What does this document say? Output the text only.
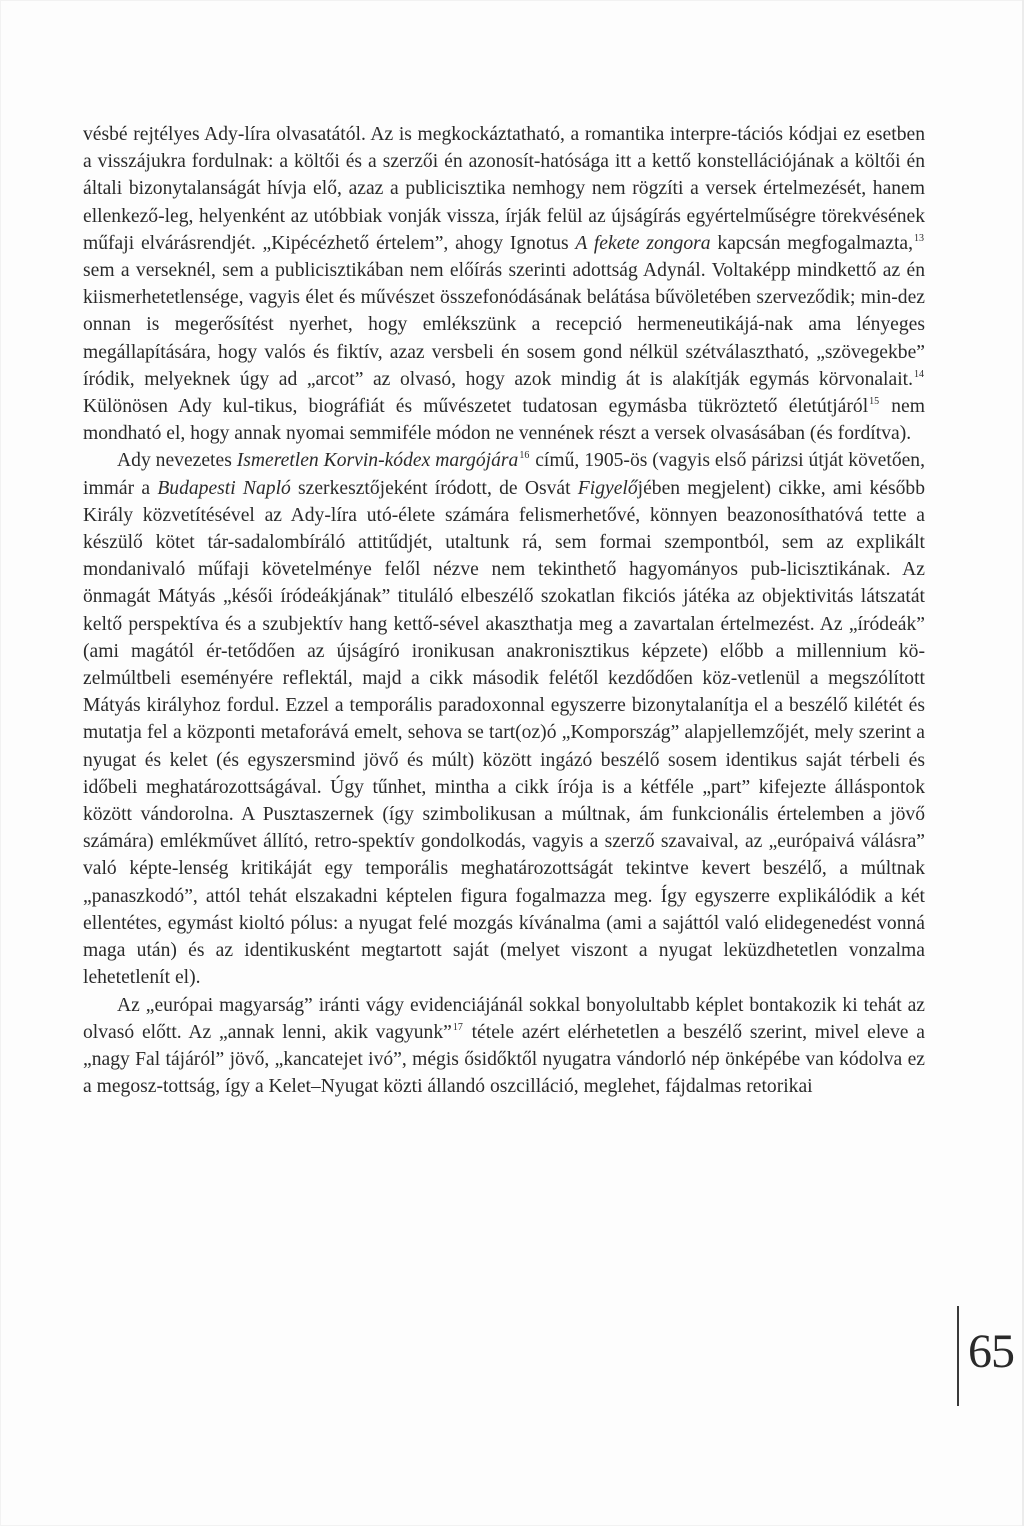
vésbé rejtélyes Ady-líra olvasatától. Az is megkockáztatható, a romantika interpre-tációs kódjai ez esetben a visszájukra fordulnak: a költői és a szerzői én azonosít-hatósága itt a kettő konstellációjának a költői én általi bizonytalanságát hívja elő, azaz a publicisztika nemhogy nem rögzíti a versek értelmezését, hanem ellenkező-leg, helyenként az utóbbiak vonják vissza, írják felül az újságírás egyértelműségre törekvésének műfaji elvárásrendjét. „Kipécézhető értelem”, ahogy Ignotus A fekete zongora kapcsán megfogalmazta,$^{13}$ sem a verseknél, sem a publicisztikában nem előírás szerinti adottság Adynál. Voltaképp mindkettő az én kiismerhetetlensége, vagyis élet és művészet összefonódásának belátása bűvöletében szerveződik; min-dez onnan is megerősítést nyerhet, hogy emlékszünk a recepció hermeneutikájá-nak ama lényeges megállapítására, hogy valós és fiktív, azaz versbeli én sosem gond nélkül szétválasztható, „szövegekbe” íródik, melyeknek úgy ad „arcot” az olvasó, hogy azok mindig át is alakítják egymás körvonalait.$^{14}$ Különösen Ady kul-tikus, biográfiát és művészetet tudatosan egymásba tükröztető életútjáról$^{15}$ nem mondható el, hogy annak nyomai semmiféle módon ne vennének részt a versek olvasásában (és fordítva).

Ady nevezetes Ismeretlen Korvin-kódex margójára$^{16}$ című, 1905-ös (vagyis első párizsi útját követően, immár a Budapesti Napló szerkesztőjeként íródott, de Osvát Figyelőjében megjelent) cikke, ami később Király közvetítésével az Ady-líra utó-élete számára felismerhetővé, könnyen beazonosíthatóvá tette a készülő kötet tár-sadalombíráló attitűdjét, utaltunk rá, sem formai szempontból, sem az explikált mondanivaló műfaji követelménye felől nézve nem tekinthető hagyományos pub-licisztikának. Az önmagát Mátyás „késői íródeákjának” tituláló elbeszélő szokatlan fikciós játéka az objektivitás látszatát keltő perspektíva és a szubjektív hang kettő-sével akaszthatja meg a zavartalan értelmezést. Az „íródeák” (ami magától ér-tetődően az újságíró ironikusan anakronisztikus képzete) előbb a millennium kö-zelmúltbeli eseményére reflektál, majd a cikk második felétől kezdődően köz-vetlenül a megszólított Mátyás királyhoz fordul. Ezzel a temporális paradoxonnal egyszerre bizonytalanítja el a beszélő kilétét és mutatja fel a központi metaforává emelt, sehova se tart(oz)ó „Kompország” alapjellemzőjét, mely szerint a nyugat és kelet (és egyszersmind jövő és múlt) között ingázó beszélő sosem identikus saját térbeli és időbeli meghatározottságával. Úgy tűnhet, mintha a cikk írója is a kétféle „part” kifejezte álláspontok között vándorolna. A Pusztaszernek (így szimbolikusan a múltnak, ám funkcionális értelemben a jövő számára) emlékművet állító, retro-spektív gondolkodás, vagyis a szerző szavaival, az „európaivá válásra” való képte-lenség kritikáját egy temporális meghatározottságát tekintve kevert beszélő, a múltnak „panaszkodó”, attól tehát elszakadni képtelen figura fogalmazza meg. Így egyszerre explikálódik a két ellentétes, egymást kioltó pólus: a nyugat felé mozgás kívánalma (ami a sajáttól való elidegenedést vonná maga után) és az identikusként megtartott saját (melyet viszont a nyugat leküzdhetetlen vonzalma lehetetlenít el).

Az „európai magyarság” iránti vágy evidenciájánál sokkal bonyolultabb képlet bontakozik ki tehát az olvasó előtt. Az „annak lenni, akik vagyunk”$^{17}$ tétele azért elérhetetlen a beszélő szerint, mivel eleve a „nagy Fal tájáról” jövő, „kancatejet ivó”, mégis ősidőktől nyugatra vándorló nép önképébe van kódolva ez a megosz-tottság, így a Kelet–Nyugat közti állandó oszcilláció, meglehet, fájdalmas retorikai

65
